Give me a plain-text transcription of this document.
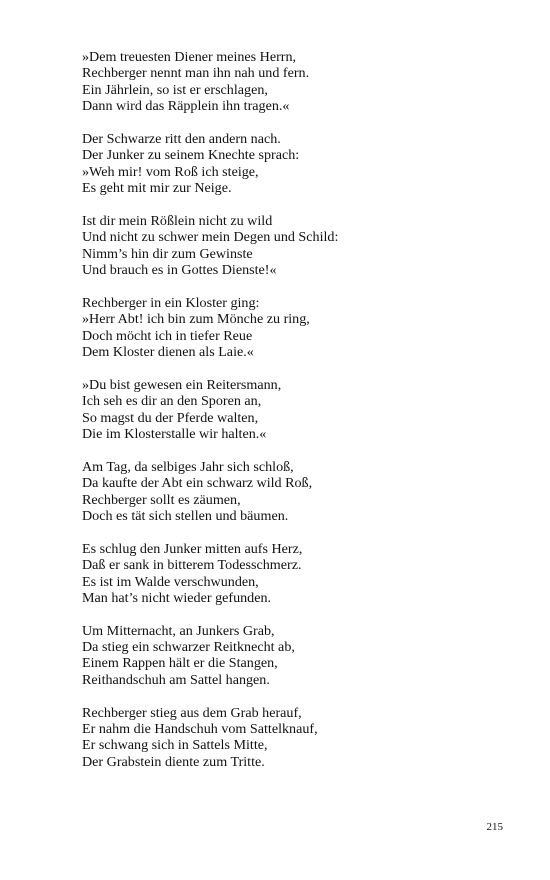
»Dem treuesten Diener meines Herrn,
Rechberger nennt man ihn nah und fern.
Ein Jährlein, so ist er erschlagen,
Dann wird das Räpplein ihn tragen.«
Der Schwarze ritt den andern nach.
Der Junker zu seinem Knechte sprach:
»Weh mir! vom Roß ich steige,
Es geht mit mir zur Neige.
Ist dir mein Rößlein nicht zu wild
Und nicht zu schwer mein Degen und Schild:
Nimm’s hin dir zum Gewinste
Und brauch es in Gottes Dienste!«
Rechberger in ein Kloster ging:
»Herr Abt! ich bin zum Mönche zu ring,
Doch möcht ich in tiefer Reue
Dem Kloster dienen als Laie.«
»Du bist gewesen ein Reitersmann,
Ich seh es dir an den Sporen an,
So magst du der Pferde walten,
Die im Klosterstalle wir halten.«
Am Tag, da selbiges Jahr sich schloß,
Da kaufte der Abt ein schwarz wild Roß,
Rechberger sollt es zäumen,
Doch es tät sich stellen und bäumen.
Es schlug den Junker mitten aufs Herz,
Daß er sank in bitterem Todesschmerz.
Es ist im Walde verschwunden,
Man hat’s nicht wieder gefunden.
Um Mitternacht, an Junkers Grab,
Da stieg ein schwarzer Reitknecht ab,
Einem Rappen hält er die Stangen,
Reithandschuh am Sattel hangen.
Rechberger stieg aus dem Grab herauf,
Er nahm die Handschuh vom Sattelknauf,
Er schwang sich in Sattels Mitte,
Der Grabstein diente zum Tritte.
215
